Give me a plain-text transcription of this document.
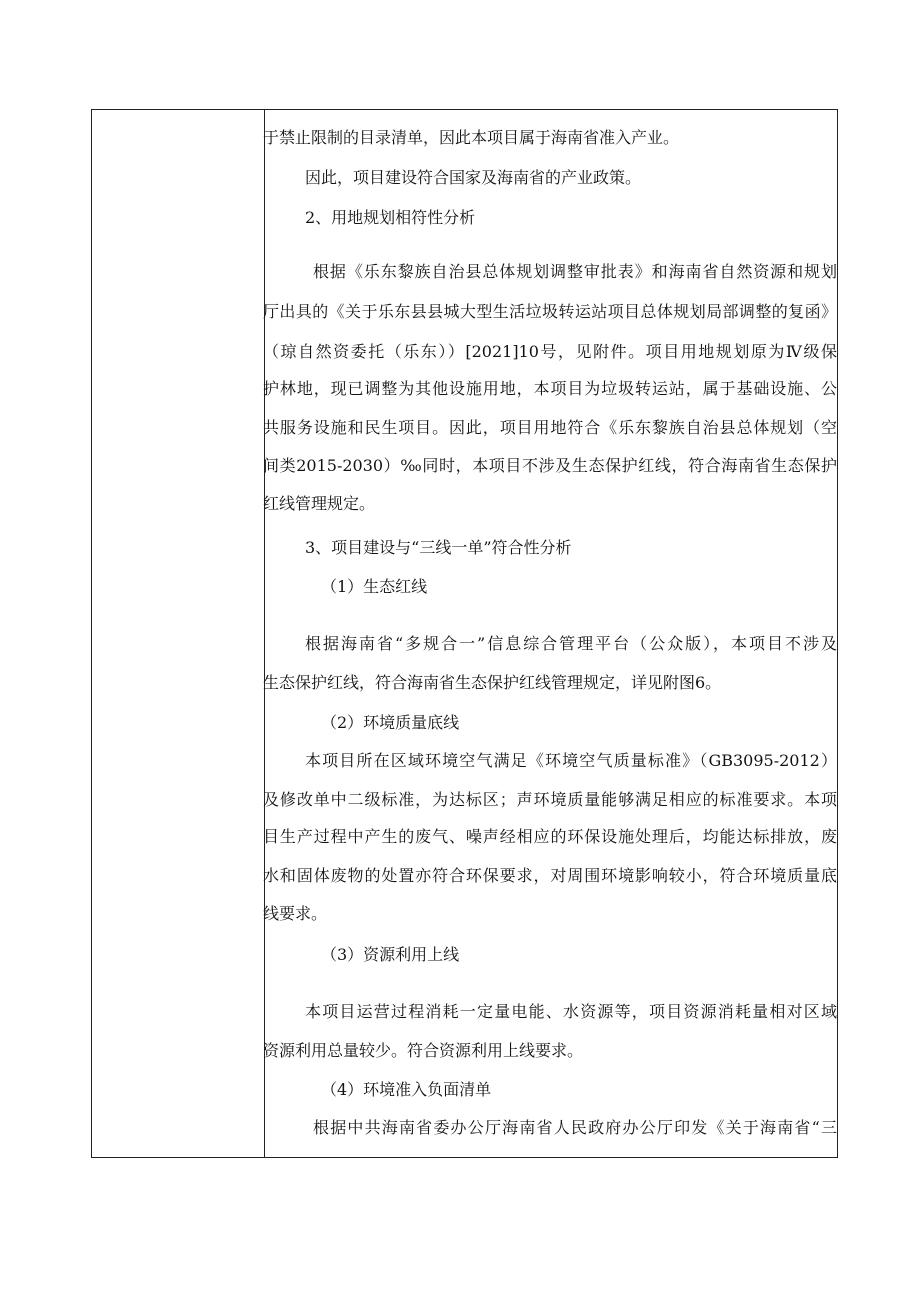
于禁止限制的目录清单，因此本项目属于海南省准入产业。
因此，项目建设符合国家及海南省的产业政策。
2、用地规划相符性分析
根据《乐东黎族自治县总体规划调整审批表》和海南省自然资源和规划
厅出具的《关于乐东县县城大型生活垃圾转运站项目总体规划局部调整的复函》
（琼自然资委托（乐东））[2021]10号，见附件。项目用地规划原为Ⅳ级保
护林地，现已调整为其他设施用地，本项目为垃圾转运站，属于基础设施、公
共服务设施和民生项目。因此，项目用地符合《乐东黎族自治县总体规划（空
间类2015-2030）‰同时，本项目不涉及生态保护红线，符合海南省生态保护
红线管理规定。
3、项目建设与“三线一单”符合性分析
（1）生态红线
根据海南省“多规合一”信息综合管理平台（公众版），本项目不涉及
生态保护红线，符合海南省生态保护红线管理规定，详见附图6。
（2）环境质量底线
本项目所在区域环境空气满足《环境空气质量标准》（GB3095-2012）
及修改单中二级标准，为达标区；声环境质量能够满足相应的标准要求。本项
目生产过程中产生的废气、噪声经相应的环保设施处理后，均能达标排放，废
水和固体废物的处置亦符合环保要求，对周围环境影响较小，符合环境质量底
线要求。
（3）资源利用上线
本项目运营过程消耗一定量电能、水资源等，项目资源消耗量相对区域
资源利用总量较少。符合资源利用上线要求。
（4）环境准入负面清单
根据中共海南省委办公厅海南省人民政府办公厅印发《关于海南省“三
